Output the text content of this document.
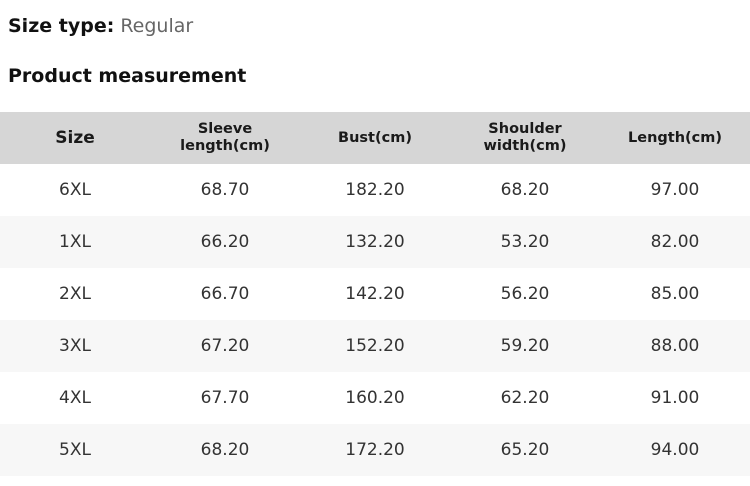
Size type: Regular
Product measurement
Size	Sleeve length(cm)	Bust(cm)	Shoulder width(cm)	Length(cm)
6XL	68.70	182.20	68.20	97.00
1XL	66.20	132.20	53.20	82.00
2XL	66.70	142.20	56.20	85.00
3XL	67.20	152.20	59.20	88.00
4XL	67.70	160.20	62.20	91.00
5XL	68.20	172.20	65.20	94.00
